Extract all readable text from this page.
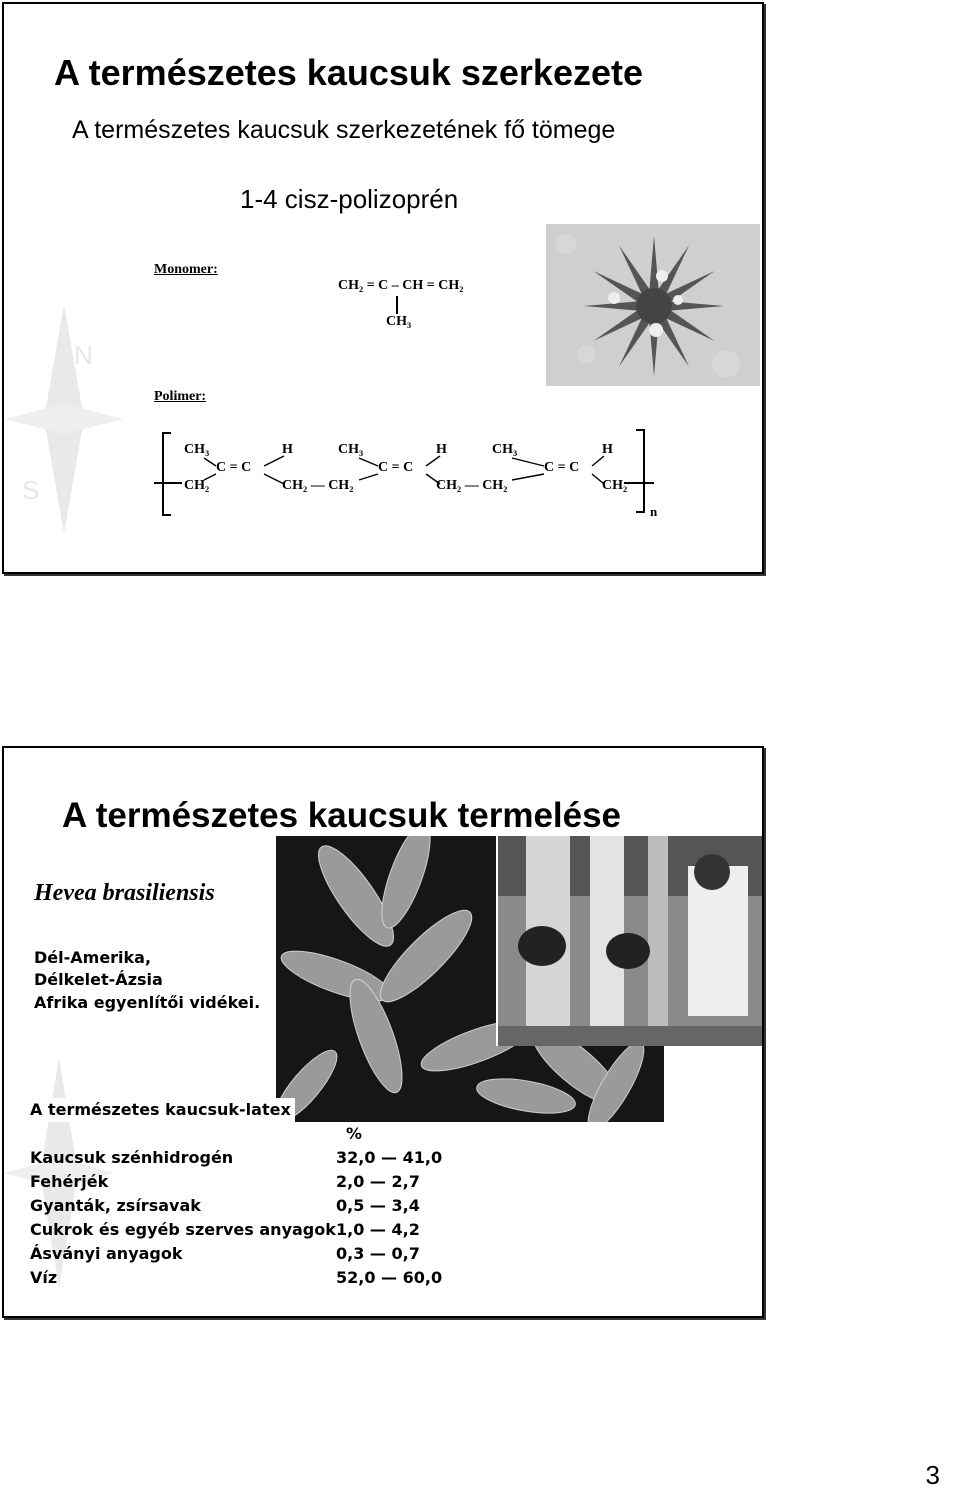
N
S
A természetes kaucsuk szerkezete
A természetes kaucsuk szerkezetének fő tömege
1-4 cisz-polizoprén
Monomer:
CH₂ = C – CH = CH₂
CH₃
Polimer:
CH₃	H	CH₃	H	CH₃	H
C = C	C = C	C = C
CH₂	CH₂ — CH₂	CH₂ — CH₂	CH₂
n
A természetes kaucsuk termelése
Hevea brasiliensis
Dél-Amerika,
Délkelet-Ázsia
Afrika egyenlítői vidékei.
A természetes kaucsuk-latex
%
Kaucsuk szénhidrogén	32,0 — 41,0
Fehérjék	2,0 — 2,7
Gyanták, zsírsavak	0,5 — 3,4
Cukrok és egyéb szerves anyagok 1,0 — 4,2
Ásványi anyagok	0,3 — 0,7
Víz	52,0 — 60,0
3
